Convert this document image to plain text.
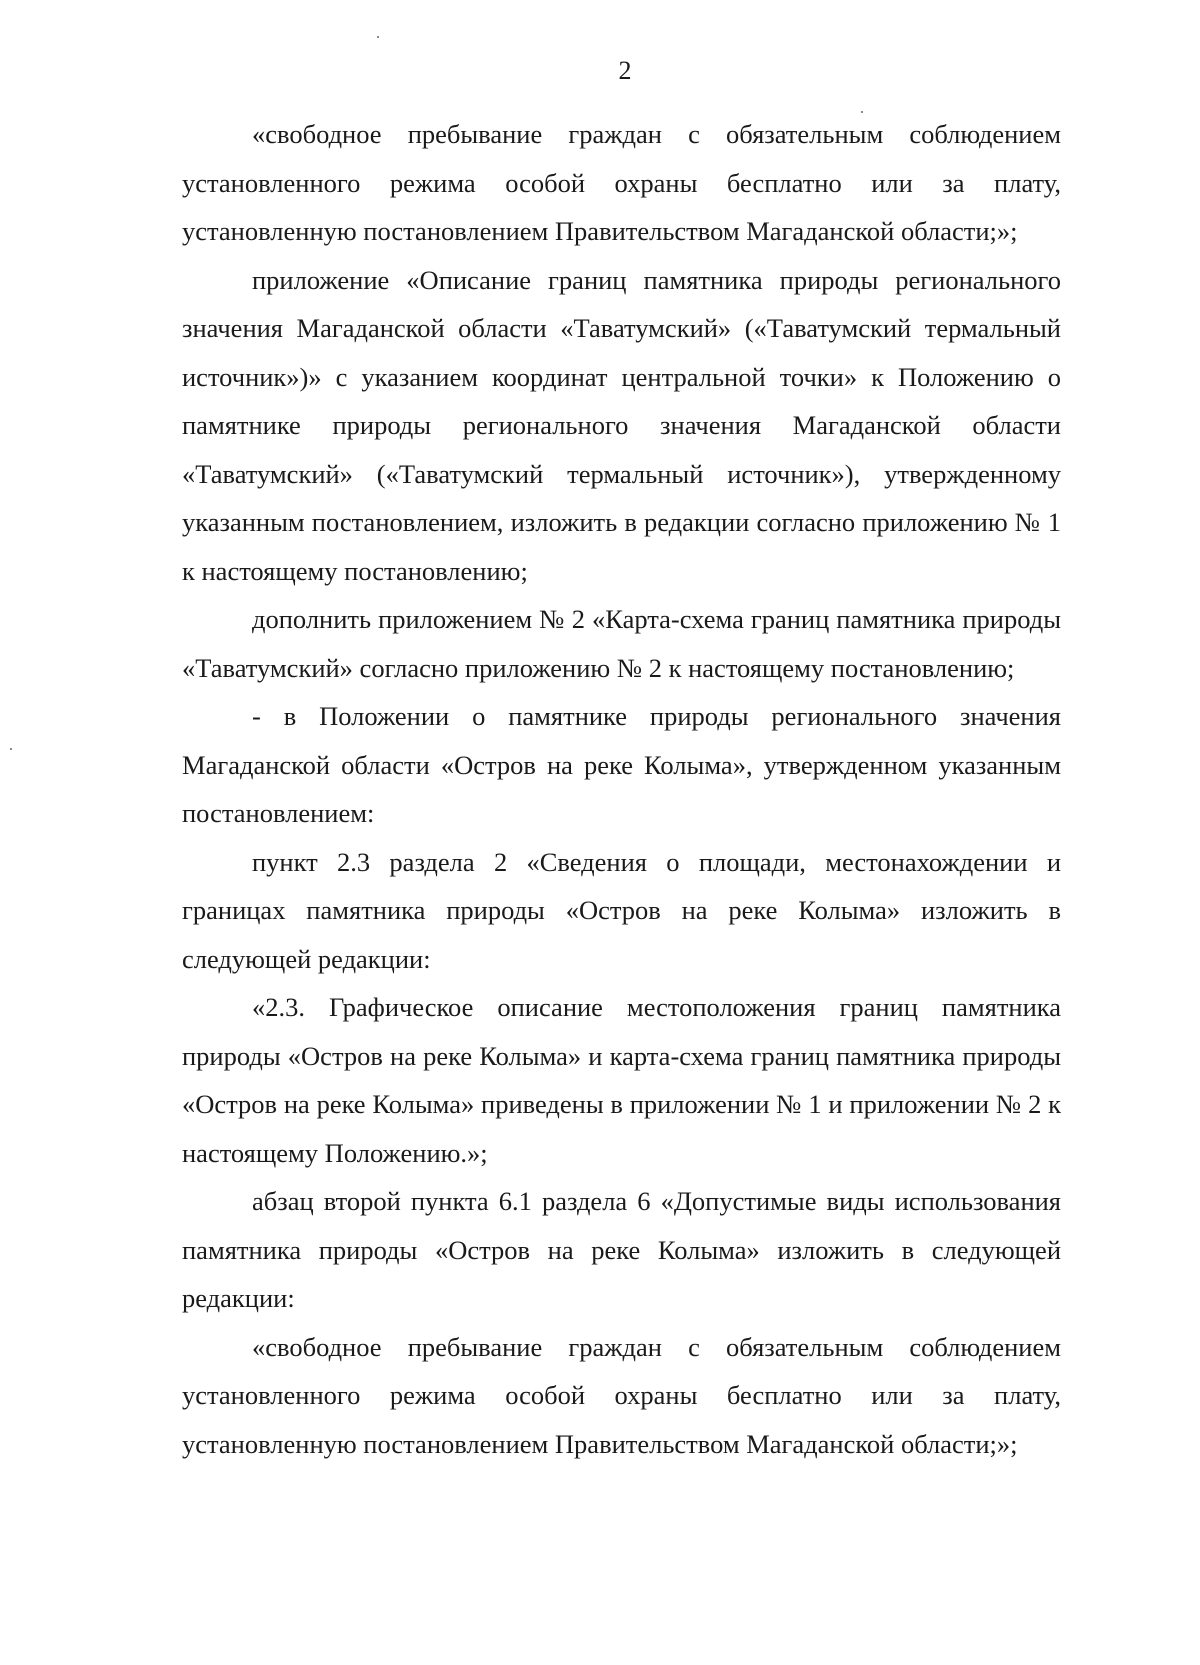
2

«свободное пребывание граждан с обязательным соблюдением установленного режима особой охраны бесплатно или за плату, установленную постановлением Правительством Магаданской области;»;

приложение «Описание границ памятника природы регионального значения Магаданской области «Таватумский» («Таватумский термальный источник»)» с указанием координат центральной точки» к Положению о памятнике природы регионального значения Магаданской области «Таватумский» («Таватумский термальный источник»), утвержденному указанным постановлением, изложить в редакции согласно приложению № 1 к настоящему постановлению;

дополнить приложением № 2 «Карта-схема границ памятника природы «Таватумский» согласно приложению № 2 к настоящему постановлению;

- в Положении о памятнике природы регионального значения Магаданской области «Остров на реке Колыма», утвержденном указанным постановлением:

пункт 2.3 раздела 2 «Сведения о площади, местонахождении и границах памятника природы «Остров на реке Колыма» изложить в следующей редакции:

«2.3. Графическое описание местоположения границ памятника природы «Остров на реке Колыма» и карта-схема границ памятника природы «Остров на реке Колыма» приведены в приложении № 1 и приложении № 2 к настоящему Положению.»;

абзац второй пункта 6.1 раздела 6 «Допустимые виды использования памятника природы «Остров на реке Колыма» изложить в следующей редакции:

«свободное пребывание граждан с обязательным соблюдением установленного режима особой охраны бесплатно или за плату, установленную постановлением Правительством Магаданской области;»;
